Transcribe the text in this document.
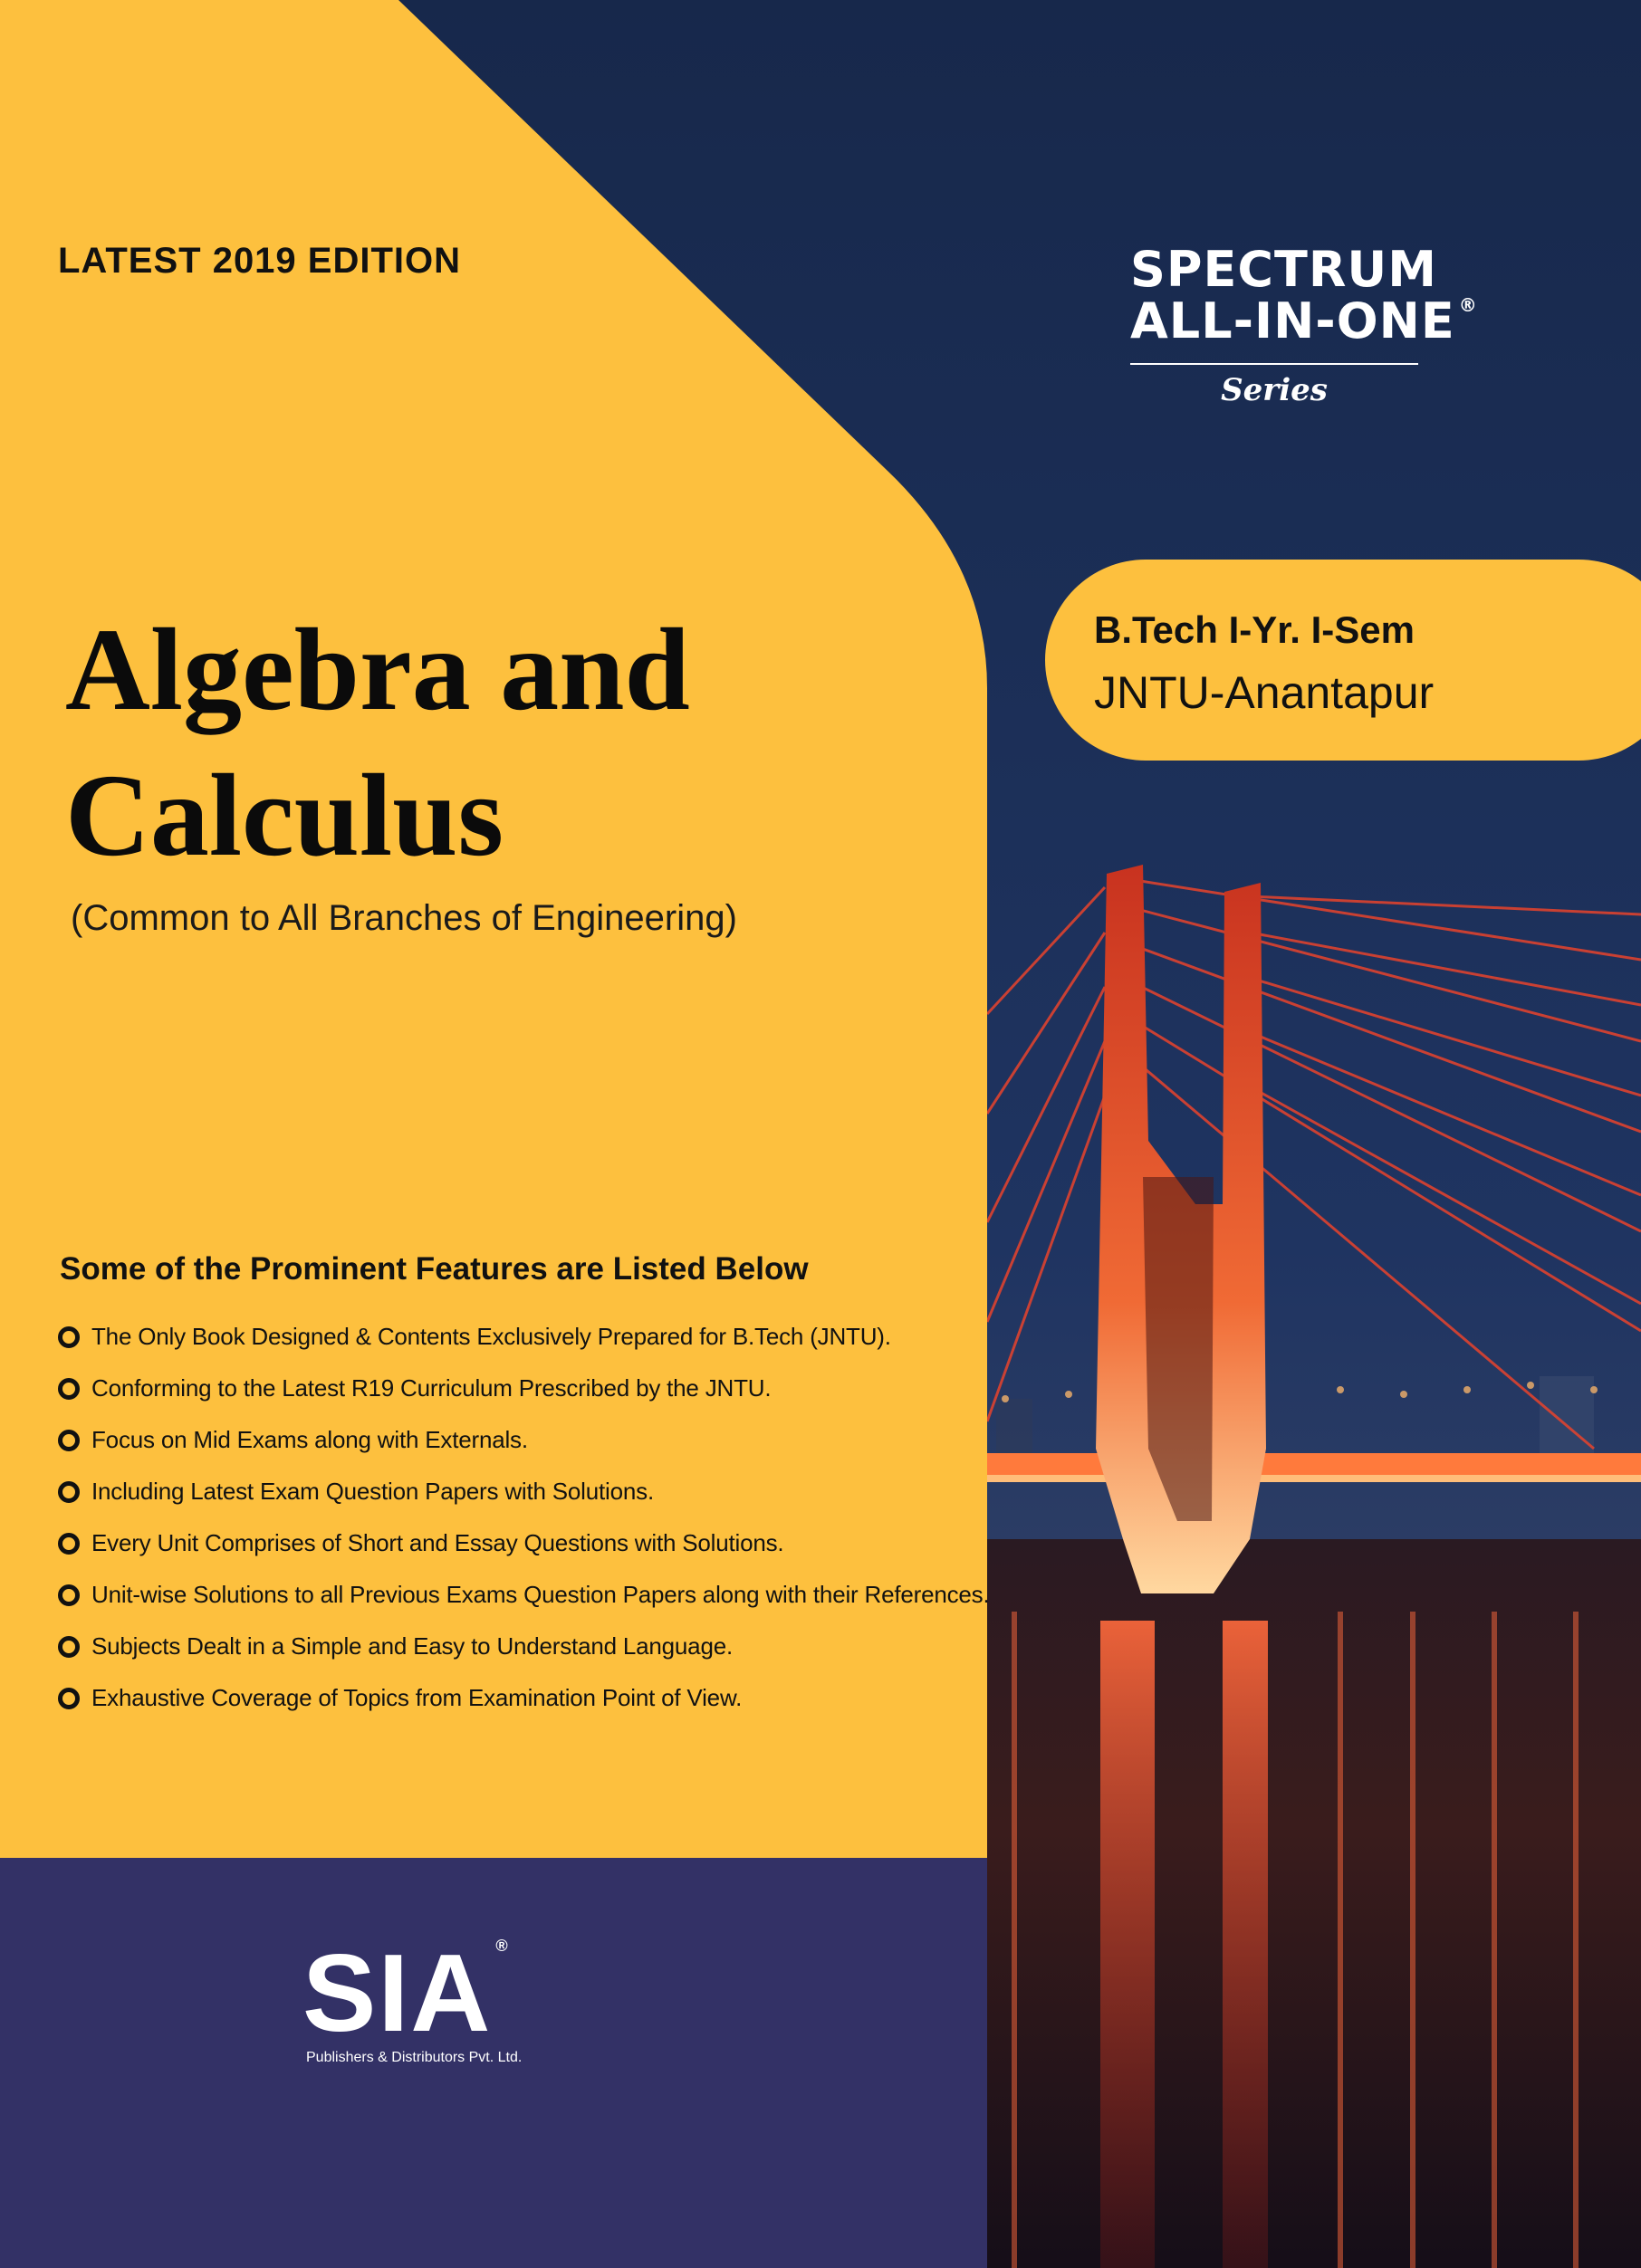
LATEST 2019 EDITION	SPECTRUM
ALL-IN-ONE ®
Series
B.Tech I-Yr. I-Sem
JNTU-Anantapur
Algebra and
Calculus
(Common to All Branches of Engineering)
Some of the Prominent Features are Listed Below
The Only Book Designed & Contents Exclusively Prepared for B.Tech (JNTU).
Conforming to the Latest R19 Curriculum Prescribed by the JNTU.
Focus on Mid Exams along with Externals.
Including Latest Exam Question Papers with Solutions.
Every Unit Comprises of Short and Essay Questions with Solutions.
Unit-wise Solutions to all Previous Exams Question Papers along with their References.
Subjects Dealt in a Simple and Easy to Understand Language.
Exhaustive Coverage of Topics from Examination Point of View.
SIA ®
Publishers & Distributors Pvt. Ltd.
